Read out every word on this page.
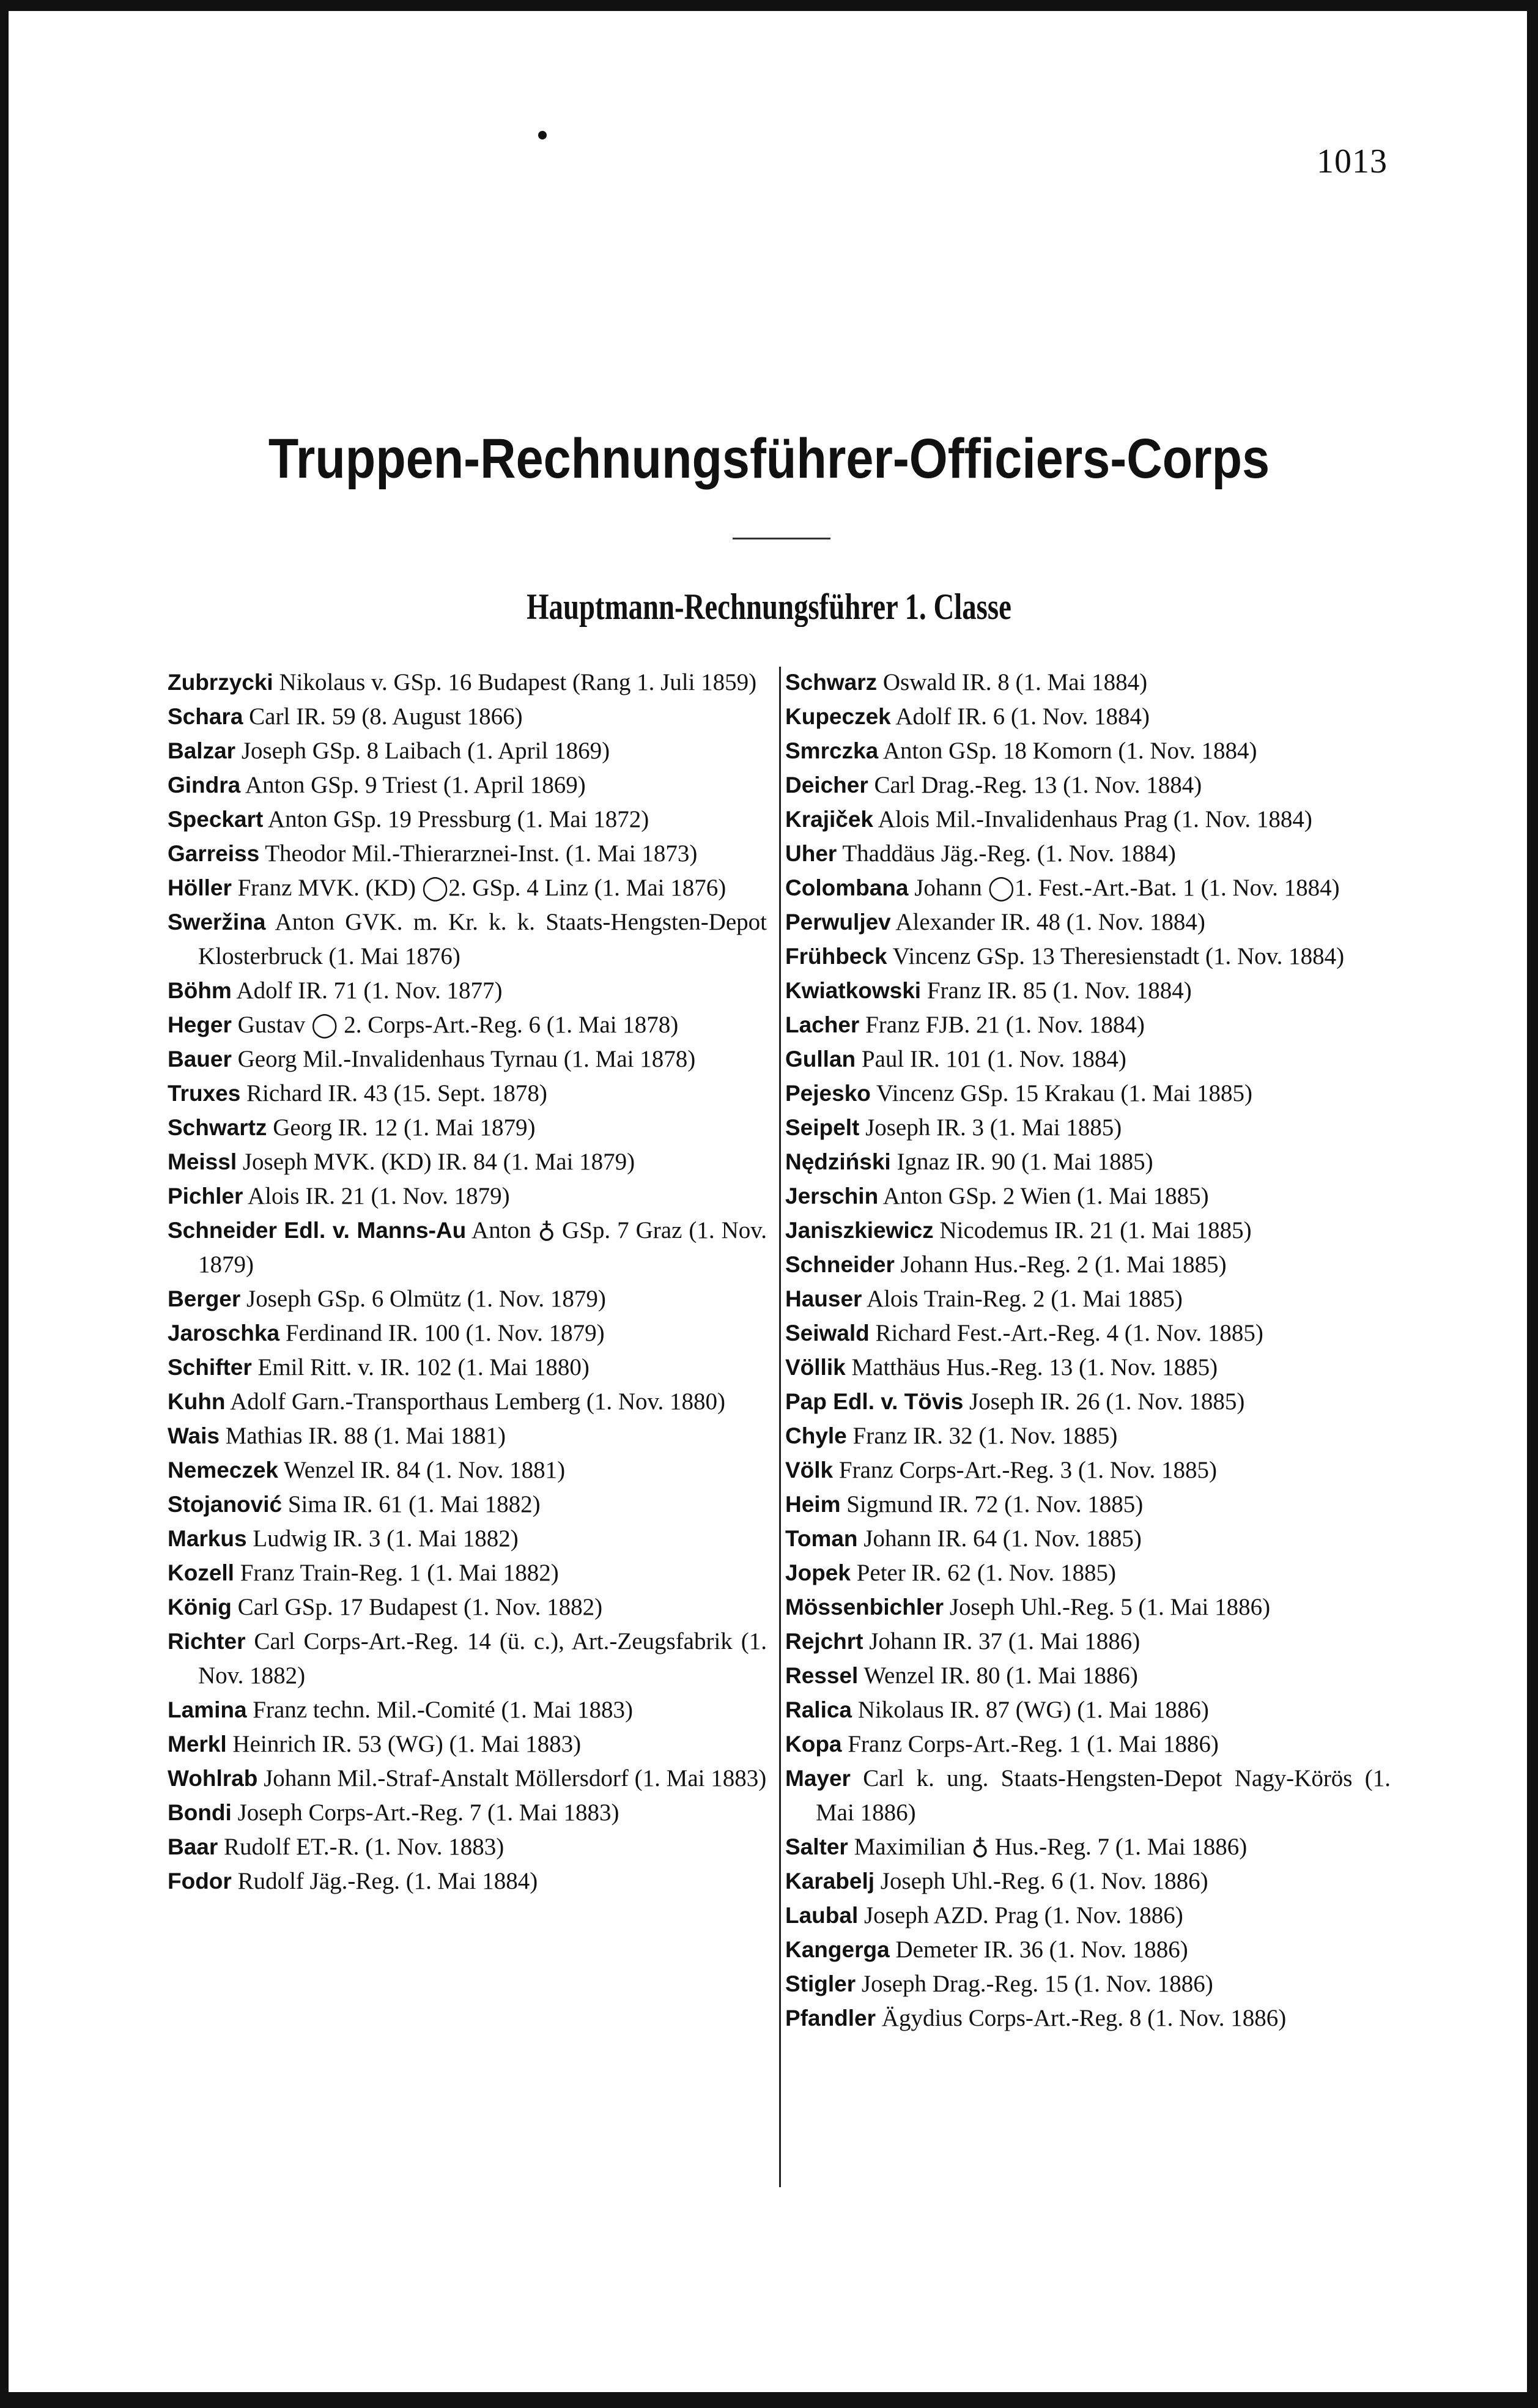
1013
Truppen-Rechnungsführer-Officiers-Corps
Hauptmann-Rechnungsführer 1. Classe
Zubrzycki Nikolaus v. GSp. 16 Budapest (Rang 1. Juli 1859)
Schara Carl IR. 59 (8. August 1866)
Balzar Joseph GSp. 8 Laibach (1. April 1869)
Gindra Anton GSp. 9 Triest (1. April 1869)
Speckart Anton GSp. 19 Pressburg (1. Mai 1872)
Garreiss Theodor Mil.-Thierarznei-Inst. (1. Mai 1873)
Höller Franz MVK. (KD) ◯2. GSp. 4 Linz (1. Mai 1876)
Sweržina Anton GVK. m. Kr. k. k. Staats-Hengsten-Depot Klosterbruck (1. Mai 1876)
Böhm Adolf IR. 71 (1. Nov. 1877)
Heger Gustav ◯ 2. Corps-Art.-Reg. 6 (1. Mai 1878)
Bauer Georg Mil.-Invalidenhaus Tyrnau (1. Mai 1878)
Truxes Richard IR. 43 (15. Sept. 1878)
Schwartz Georg IR. 12 (1. Mai 1879)
Meissl Joseph MVK. (KD) IR. 84 (1. Mai 1879)
Pichler Alois IR. 21 (1. Nov. 1879)
Schneider Edl. v. Manns-Au Anton ♁ GSp. 7 Graz (1. Nov. 1879)
Berger Joseph GSp. 6 Olmütz (1. Nov. 1879)
Jaroschka Ferdinand IR. 100 (1. Nov. 1879)
Schifter Emil Ritt. v. IR. 102 (1. Mai 1880)
Kuhn Adolf Garn.-Transporthaus Lemberg (1. Nov. 1880)
Wais Mathias IR. 88 (1. Mai 1881)
Nemeczek Wenzel IR. 84 (1. Nov. 1881)
Stojanović Sima IR. 61 (1. Mai 1882)
Markus Ludwig IR. 3 (1. Mai 1882)
Kozell Franz Train-Reg. 1 (1. Mai 1882)
König Carl GSp. 17 Budapest (1. Nov. 1882)
Richter Carl Corps-Art.-Reg. 14 (ü. c.), Art.-Zeugsfabrik (1. Nov. 1882)
Lamina Franz techn. Mil.-Comité (1. Mai 1883)
Merkl Heinrich IR. 53 (WG) (1. Mai 1883)
Wohlrab Johann Mil.-Straf-Anstalt Möllersdorf (1. Mai 1883)
Bondi Joseph Corps-Art.-Reg. 7 (1. Mai 1883)
Baar Rudolf ET.-R. (1. Nov. 1883)
Fodor Rudolf Jäg.-Reg. (1. Mai 1884)
Schwarz Oswald IR. 8 (1. Mai 1884)
Kupeczek Adolf IR. 6 (1. Nov. 1884)
Smrczka Anton GSp. 18 Komorn (1. Nov. 1884)
Deicher Carl Drag.-Reg. 13 (1. Nov. 1884)
Krajiček Alois Mil.-Invalidenhaus Prag (1. Nov. 1884)
Uher Thaddäus Jäg.-Reg. (1. Nov. 1884)
Colombana Johann ◯1. Fest.-Art.-Bat. 1 (1. Nov. 1884)
Perwuljev Alexander IR. 48 (1. Nov. 1884)
Frühbeck Vincenz GSp. 13 Theresienstadt (1. Nov. 1884)
Kwiatkowski Franz IR. 85 (1. Nov. 1884)
Lacher Franz FJB. 21 (1. Nov. 1884)
Gullan Paul IR. 101 (1. Nov. 1884)
Pejesko Vincenz GSp. 15 Krakau (1. Mai 1885)
Seipelt Joseph IR. 3 (1. Mai 1885)
Nędziński Ignaz IR. 90 (1. Mai 1885)
Jerschin Anton GSp. 2 Wien (1. Mai 1885)
Janiszkiewicz Nicodemus IR. 21 (1. Mai 1885)
Schneider Johann Hus.-Reg. 2 (1. Mai 1885)
Hauser Alois Train-Reg. 2 (1. Mai 1885)
Seiwald Richard Fest.-Art.-Reg. 4 (1. Nov. 1885)
Völlik Matthäus Hus.-Reg. 13 (1. Nov. 1885)
Pap Edl. v. Tövis Joseph IR. 26 (1. Nov. 1885)
Chyle Franz IR. 32 (1. Nov. 1885)
Völk Franz Corps-Art.-Reg. 3 (1. Nov. 1885)
Heim Sigmund IR. 72 (1. Nov. 1885)
Toman Johann IR. 64 (1. Nov. 1885)
Jopek Peter IR. 62 (1. Nov. 1885)
Mössenbichler Joseph Uhl.-Reg. 5 (1. Mai 1886)
Rejchrt Johann IR. 37 (1. Mai 1886)
Ressel Wenzel IR. 80 (1. Mai 1886)
Ralica Nikolaus IR. 87 (WG) (1. Mai 1886)
Kopa Franz Corps-Art.-Reg. 1 (1. Mai 1886)
Mayer Carl k. ung. Staats-Hengsten-Depot Nagy-Körös (1. Mai 1886)
Salter Maximilian ♁ Hus.-Reg. 7 (1. Mai 1886)
Karabelj Joseph Uhl.-Reg. 6 (1. Nov. 1886)
Laubal Joseph AZD. Prag (1. Nov. 1886)
Kangerga Demeter IR. 36 (1. Nov. 1886)
Stigler Joseph Drag.-Reg. 15 (1. Nov. 1886)
Pfandler Ägydius Corps-Art.-Reg. 8 (1. Nov. 1886)
